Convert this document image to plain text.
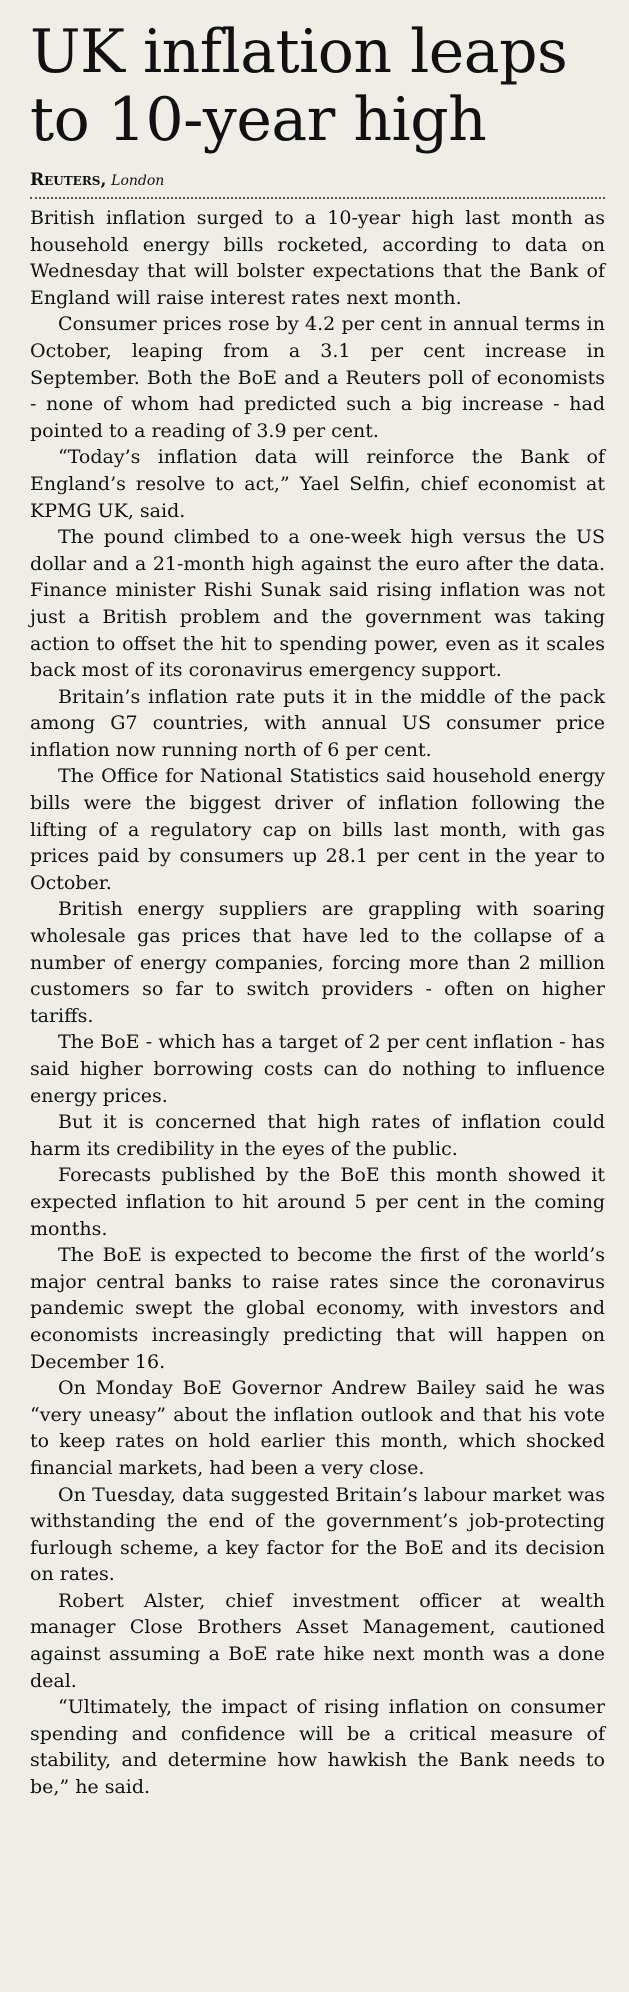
UK inflation leaps
to 10-year high
Reuters, London

British inflation surged to a 10-year high last month as household energy bills rocketed, according to data on Wednesday that will bolster expectations that the Bank of England will raise interest rates next month.

Consumer prices rose by 4.2 per cent in annual terms in October, leaping from a 3.1 per cent increase in September. Both the BoE and a Reuters poll of economists - none of whom had predicted such a big increase - had pointed to a reading of 3.9 per cent.

“Today’s inflation data will reinforce the Bank of England’s resolve to act,” Yael Selfin, chief economist at KPMG UK, said.

The pound climbed to a one-week high versus the US dollar and a 21-month high against the euro after the data. Finance minister Rishi Sunak said rising inflation was not just a British problem and the government was taking action to offset the hit to spending power, even as it scales back most of its coronavirus emergency support.

Britain’s inflation rate puts it in the middle of the pack among G7 countries, with annual US consumer price inflation now running north of 6 per cent.

The Office for National Statistics said household energy bills were the biggest driver of inflation following the lifting of a regulatory cap on bills last month, with gas prices paid by consumers up 28.1 per cent in the year to October.

British energy suppliers are grappling with soaring wholesale gas prices that have led to the collapse of a number of energy companies, forcing more than 2 million customers so far to switch providers - often on higher tariffs.

The BoE - which has a target of 2 per cent inflation - has said higher borrowing costs can do nothing to influence energy prices.

But it is concerned that high rates of inflation could harm its credibility in the eyes of the public.

Forecasts published by the BoE this month showed it expected inflation to hit around 5 per cent in the coming months.

The BoE is expected to become the first of the world’s major central banks to raise rates since the coronavirus pandemic swept the global economy, with investors and economists increasingly predicting that will happen on December 16.

On Monday BoE Governor Andrew Bailey said he was “very uneasy” about the inflation outlook and that his vote to keep rates on hold earlier this month, which shocked financial markets, had been a very close.

On Tuesday, data suggested Britain’s labour market was withstanding the end of the government’s job-protecting furlough scheme, a key factor for the BoE and its decision on rates.

Robert Alster, chief investment officer at wealth manager Close Brothers Asset Management, cautioned against assuming a BoE rate hike next month was a done deal.

“Ultimately, the impact of rising inflation on consumer spending and confidence will be a critical measure of stability, and determine how hawkish the Bank needs to be,” he said.
